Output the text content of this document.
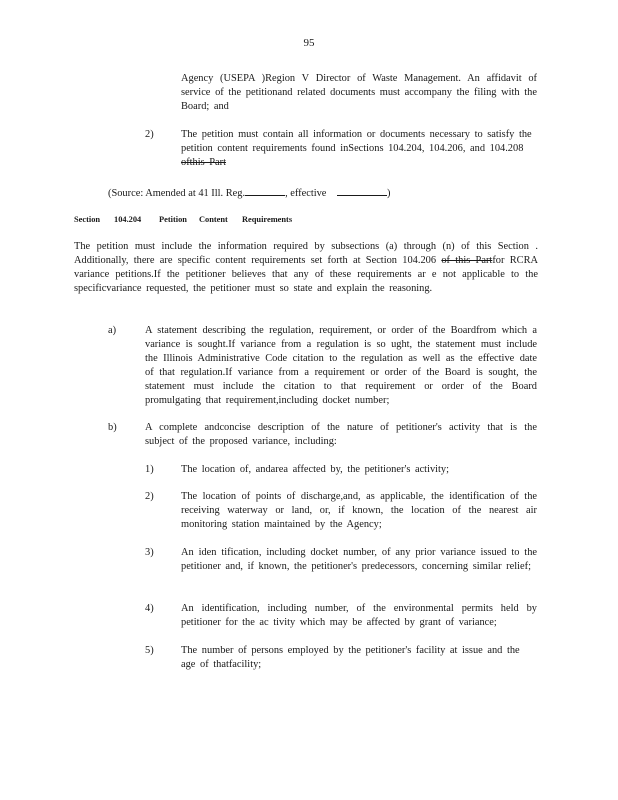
95

Agency (USEPA )Region V Director of Waste Management. An affidavit of service of the petitionand related documents must accompany the filing with the Board; and

2)	The petition must contain all information or documents necessary to satisfy the petition content requirements found inSections 104.204, 104.206, and 104.208 ofthis Part

(Source: Amended at 41 Ill. Reg.	, effective	)
Section 104.204 Petition Content Requirements

The petition must include the information required by subsections (a) through (n) of this Section . Additionally, there are specific content requirements set forth at Section 104.206 of this Partfor RCRA variance petitions.If the petitioner believes that any of these requirements ar e not applicable to the specificvariance requested, the petitioner must so state and explain the reasoning.

a)	A statement describing the regulation, requirement, or order of the Boardfrom which a variance is sought.If variance from a regulation is so ught, the statement must include the Illinois Administrative Code citation to the regulation as well as the effective date of that regulation.If variance from a requirement or order of the Board is sought, the statement must include the citation to that requirement or order of the Board promulgating that requirement,including docket number;

b)	A complete andconcise description of the nature of petitioner's activity that is the subject of the proposed variance, including:

1)	The location of, andarea affected by, the petitioner's activity;

2)	The location of points of discharge,and, as applicable, the identification of the receiving waterway or land, or, if known, the location of the nearest air monitoring station maintained by the Agency;

3)	An iden tification, including docket number, of any prior variance issued to the petitioner and, if known, the petitioner's predecessors, concerning similar relief;

4)	An identification, including number, of the environmental permits held by petitioner for the ac tivity which may be affected by grant of variance;

5)	The number of persons employed by the petitioner's facility at issue and the age of thatfacility;
